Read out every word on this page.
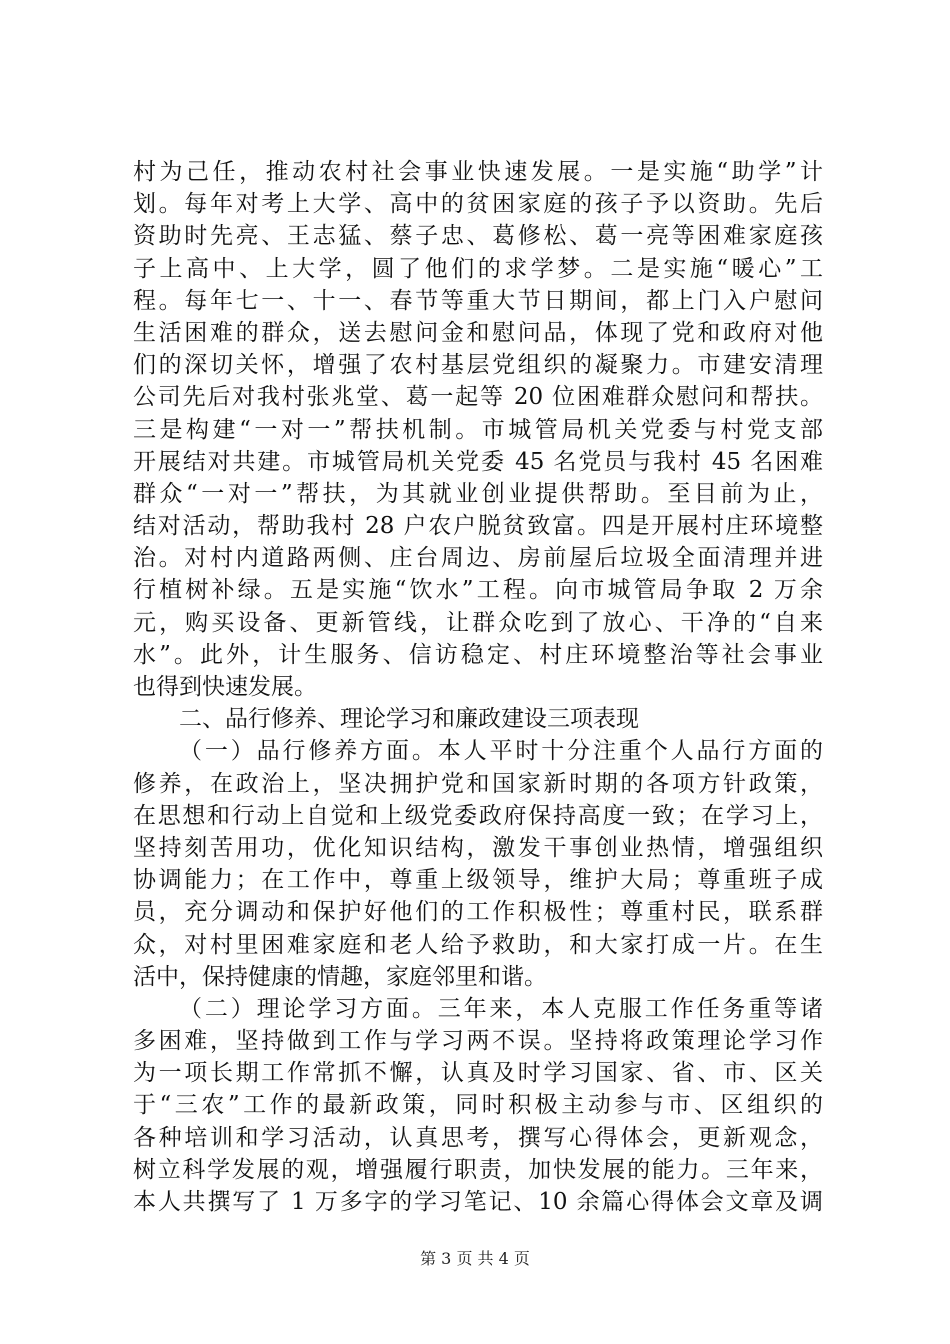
村为己任，推动农村社会事业快速发展。一是实施“助学”计
划。每年对考上大学、高中的贫困家庭的孩子予以资助。先后
资助时先亮、王志猛、蔡子忠、葛修松、葛一亮等困难家庭孩
子上高中、上大学，圆了他们的求学梦。二是实施“暖心”工
程。每年七一、十一、春节等重大节日期间，都上门入户慰问
生活困难的群众，送去慰问金和慰问品，体现了党和政府对他
们的深切关怀，增强了农村基层党组织的凝聚力。市建安清理
公司先后对我村张兆堂、葛一起等 20 位困难群众慰问和帮扶。
三是构建“一对一”帮扶机制。市城管局机关党委与村党支部
开展结对共建。市城管局机关党委 45 名党员与我村 45 名困难
群众“一对一”帮扶，为其就业创业提供帮助。至目前为止，
结对活动，帮助我村 28 户农户脱贫致富。四是开展村庄环境整
治。对村内道路两侧、庄台周边、房前屋后垃圾全面清理并进
行植树补绿。五是实施“饮水”工程。向市城管局争取 2 万余
元，购买设备、更新管线，让群众吃到了放心、干净的“自来
水”。此外，计生服务、信访稳定、村庄环境整治等社会事业
也得到快速发展。
二、品行修养、理论学习和廉政建设三项表现
（一）品行修养方面。本人平时十分注重个人品行方面的
修养，在政治上，坚决拥护党和国家新时期的各项方针政策，
在思想和行动上自觉和上级党委政府保持高度一致；在学习上，
坚持刻苦用功，优化知识结构，激发干事创业热情，增强组织
协调能力；在工作中，尊重上级领导，维护大局；尊重班子成
员，充分调动和保护好他们的工作积极性；尊重村民，联系群
众，对村里困难家庭和老人给予救助，和大家打成一片。在生
活中，保持健康的情趣，家庭邻里和谐。
（二）理论学习方面。三年来，本人克服工作任务重等诸
多困难，坚持做到工作与学习两不误。坚持将政策理论学习作
为一项长期工作常抓不懈，认真及时学习国家、省、市、区关
于“三农”工作的最新政策，同时积极主动参与市、区组织的
各种培训和学习活动，认真思考，撰写心得体会，更新观念，
树立科学发展的观，增强履行职责，加快发展的能力。三年来，
本人共撰写了 1 万多字的学习笔记、10 余篇心得体会文章及调
第 3 页 共 4 页
